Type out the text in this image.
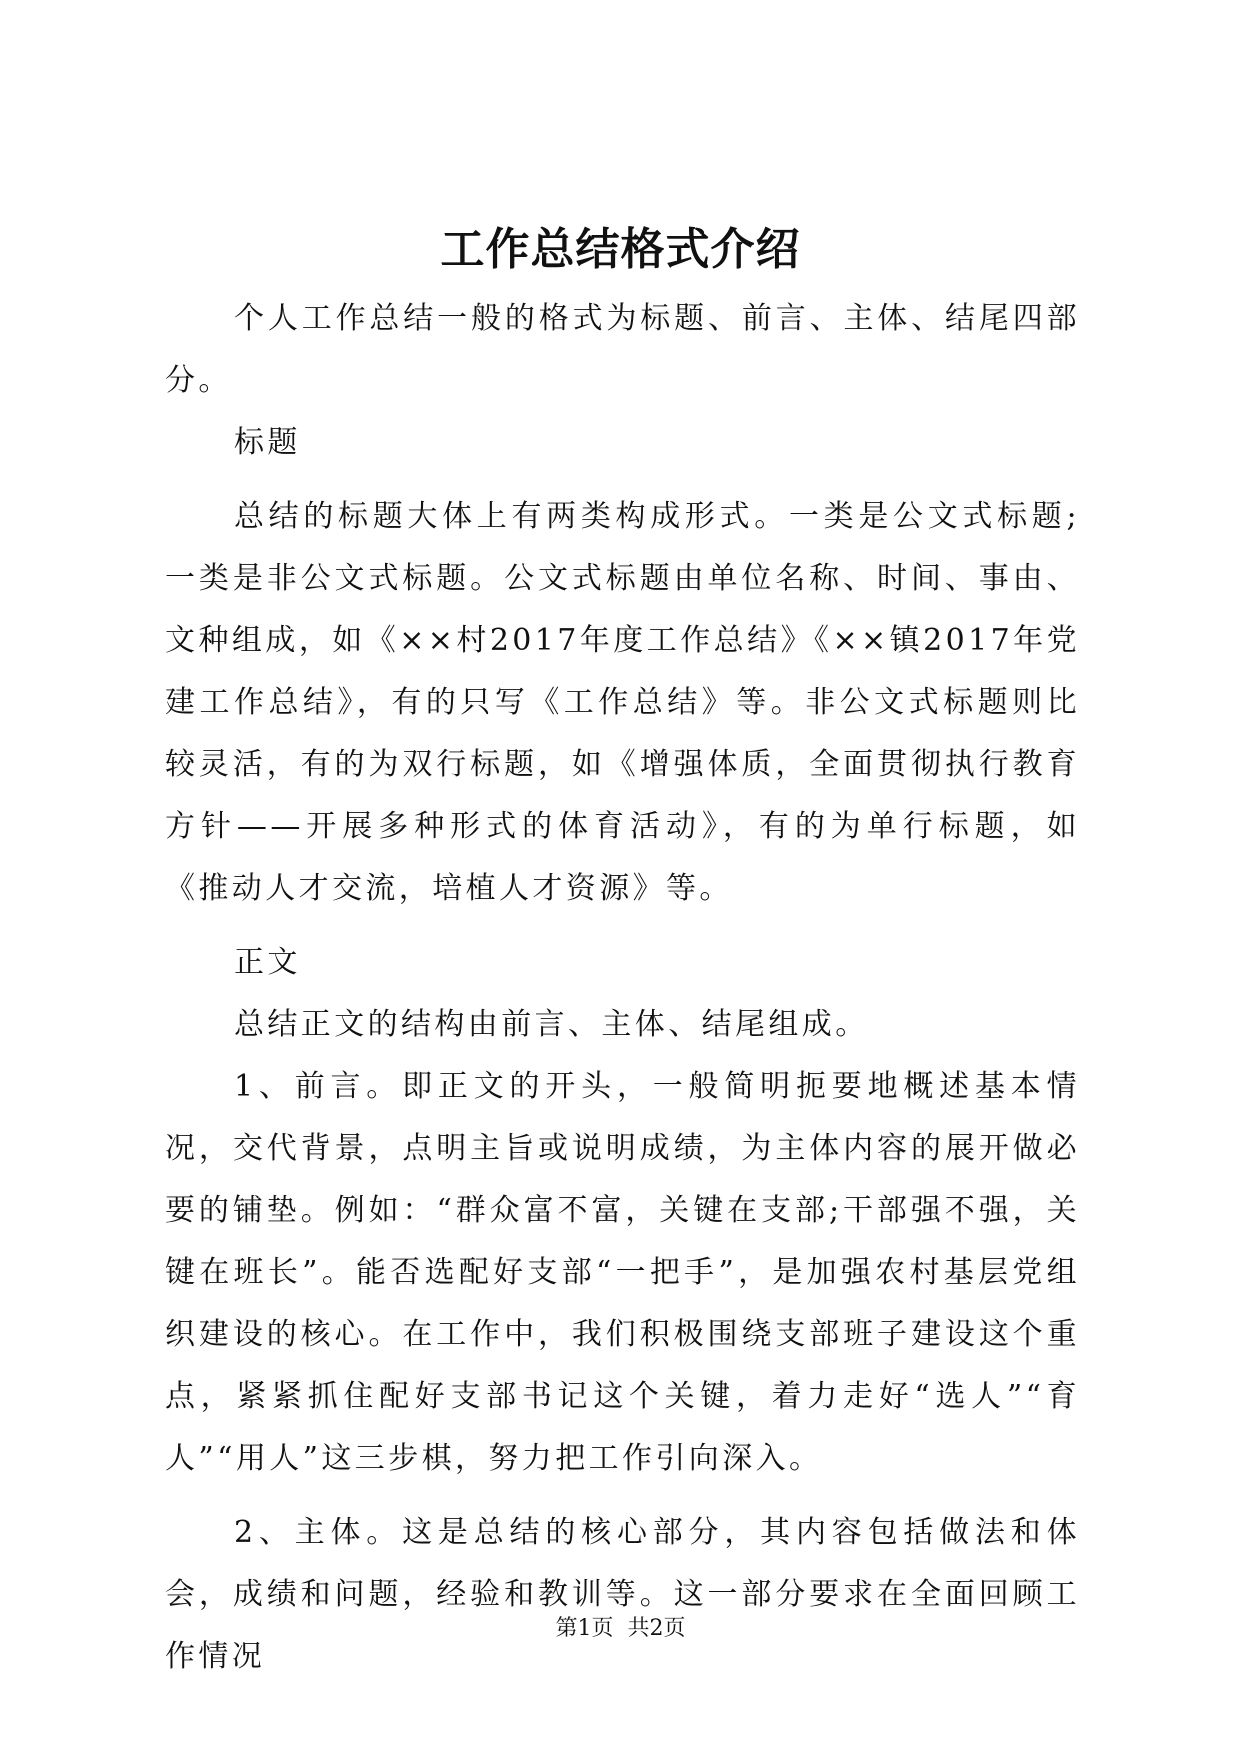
工作总结格式介绍

个人工作总结一般的格式为标题、前言、主体、结尾四部分。

标题

总结的标题大体上有两类构成形式。一类是公文式标题;一类是非公文式标题。公文式标题由单位名称、时间、事由、文种组成，如《××村2017年度工作总结》《××镇2017年党建工作总结》，有的只写《工作总结》等。非公文式标题则比较灵活，有的为双行标题，如《增强体质，全面贯彻执行教育方针——开展多种形式的体育活动》，有的为单行标题，如《推动人才交流，培植人才资源》等。

正文

总结正文的结构由前言、主体、结尾组成。

1、前言。即正文的开头，一般简明扼要地概述基本情况，交代背景，点明主旨或说明成绩，为主体内容的展开做必要的铺垫。例如：“群众富不富，关键在支部;干部强不强，关键在班长”。能否选配好支部“一把手”，是加强农村基层党组织建设的核心。在工作中，我们积极围绕支部班子建设这个重点，紧紧抓住配好支部书记这个关键，着力走好“选人”“育人”“用人”这三步棋，努力把工作引向深入。

2、主体。这是总结的核心部分，其内容包括做法和体会，成绩和问题，经验和教训等。这一部分要求在全面回顾工作情况

第1页  共2页
